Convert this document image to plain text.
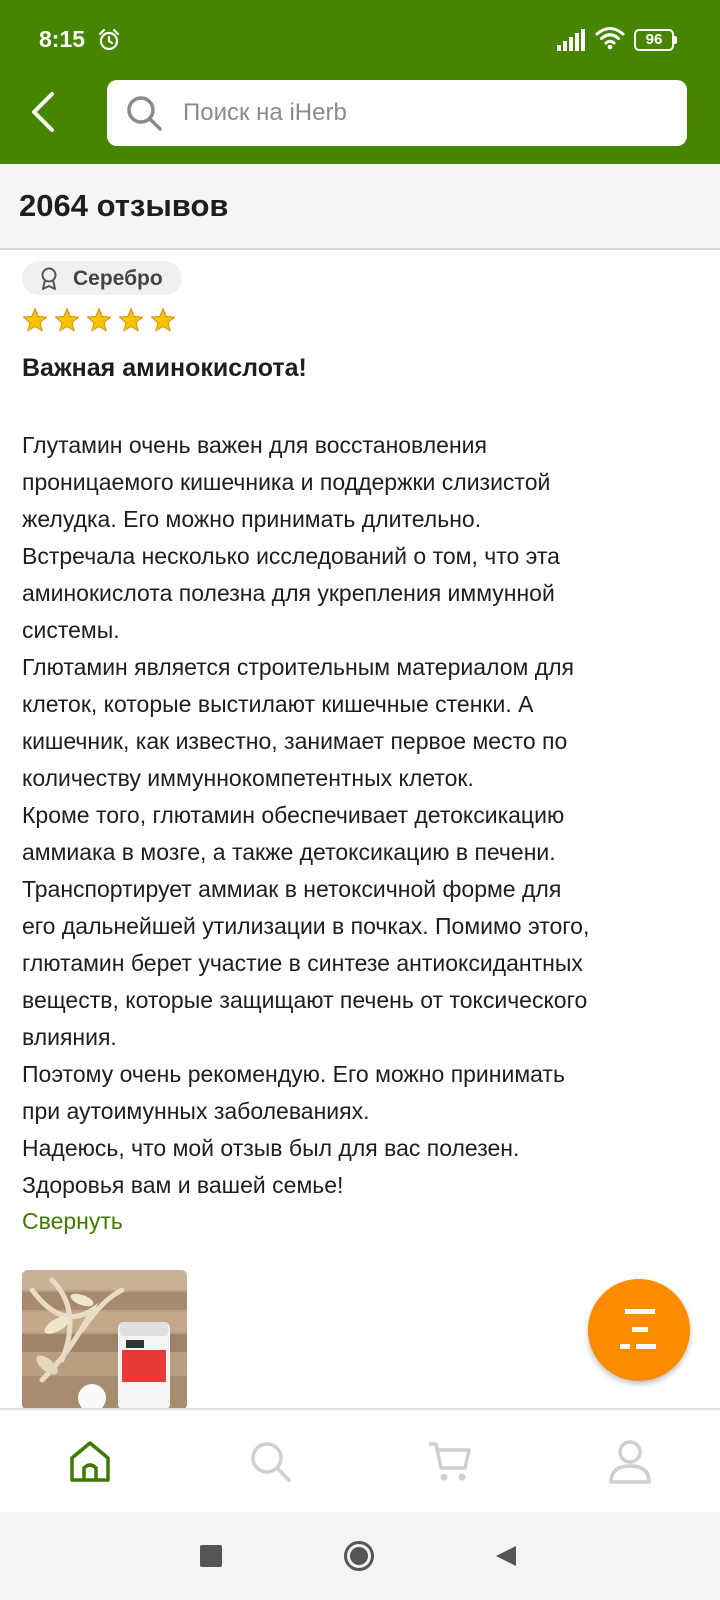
8:15	96
Поиск на iHerb
2064 отзывов
Серебро
Важная аминокислота!
Глутамин очень важен для восстановления
проницаемого кишечника и поддержки слизистой
желудка. Его можно принимать длительно.
Встречала несколько исследований о том, что эта
аминокислота полезна для укрепления иммунной
системы.
Глютамин является строительным материалом для
клеток, которые выстилают кишечные стенки. А
кишечник, как известно, занимает первое место по
количеству иммуннокомпетентных клеток.
Кроме того, глютамин обеспечивает детоксикацию
аммиака в мозге, а также детоксикацию в печени.
Транспортирует аммиак в нетоксичной форме для
его дальнейшей утилизации в почках. Помимо этого,
глютамин берет участие в синтезе антиоксидантных
веществ, которые защищают печень от токсического
влияния.
Поэтому очень рекомендую. Его можно принимать
при аутоимунных заболеваниях.
Надеюсь, что мой отзыв был для вас полезен.
Здоровья вам и вашей семье!
Свернуть
